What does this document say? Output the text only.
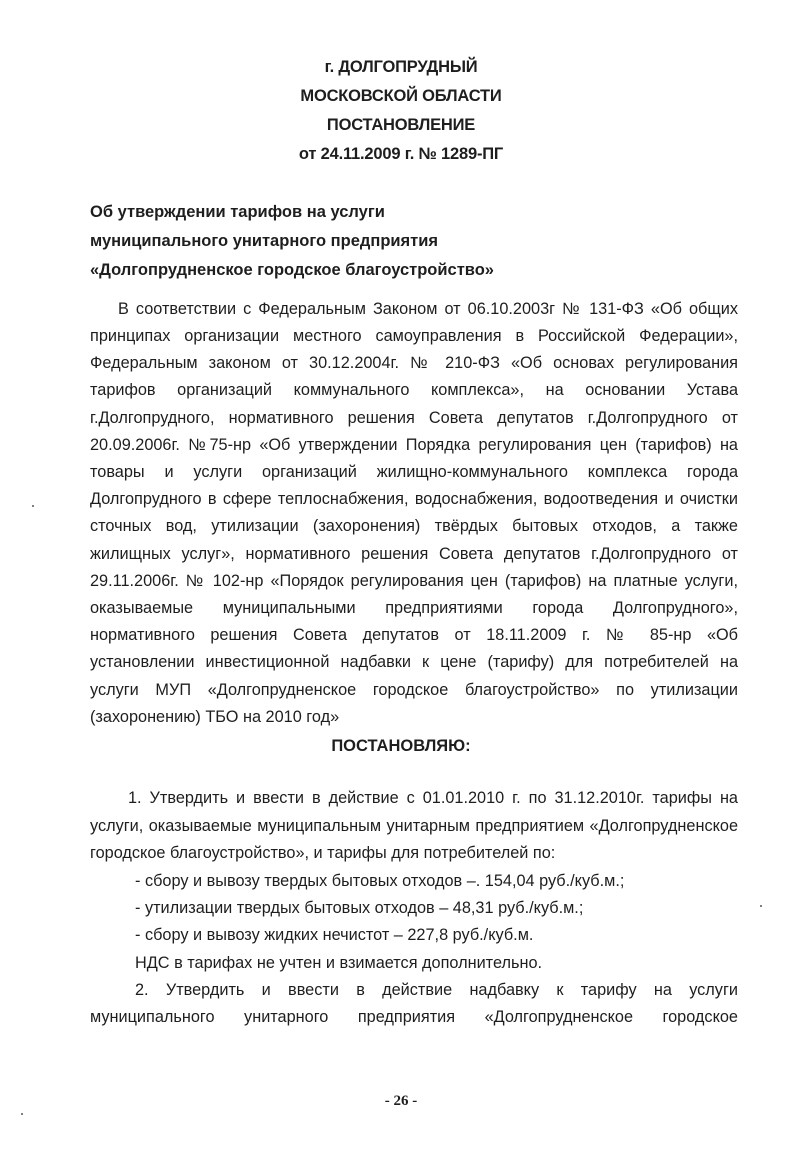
г. ДОЛГОПРУДНЫЙ
МОСКОВСКОЙ ОБЛАСТИ
ПОСТАНОВЛЕНИЕ
от 24.11.2009 г. № 1289-ПГ
Об утверждении тарифов на услуги
муниципального унитарного предприятия
«Долгопрудненское городское благоустройство»
В соответствии с Федеральным Законом от 06.10.2003г № 131-ФЗ «Об общих
принципах организации местного самоуправления в Российской Федерации»,
Федеральным законом от 30.12.2004г. № 210-ФЗ «Об основах регулирования
тарифов организаций коммунального комплекса», на основании Устава
г.Долгопрудного, нормативного решения Совета депутатов г.Долгопрудного от
20.09.2006г. №75-нр «Об утверждении Порядка регулирования цен (тарифов) на
товары и услуги организаций жилищно-коммунального комплекса города
Долгопрудного в сфере теплоснабжения, водоснабжения, водоотведения и очистки
сточных вод, утилизации (захоронения) твёрдых бытовых отходов, а также
жилищных услуг», нормативного решения Совета депутатов г.Долгопрудного от
29.11.2006г. № 102-нр «Порядок регулирования цен (тарифов) на платные услуги,
оказываемые муниципальными предприятиями города Долгопрудного»,
нормативного решения Совета депутатов от 18.11.2009 г. № 85-нр «Об
установлении инвестиционной надбавки к цене (тарифу) для потребителей на
услуги МУП «Долгопрудненское городское благоустройство» по утилизации
(захоронению) ТБО на 2010 год»
ПОСТАНОВЛЯЮ:
1. Утвердить и ввести в действие с 01.01.2010 г. по 31.12.2010г. тарифы на
услуги, оказываемые муниципальным унитарным предприятием «Долгопрудненское
городское благоустройство», и тарифы для потребителей по:
- сбору и вывозу твердых бытовых отходов –. 154,04 руб./куб.м.;
- утилизации твердых бытовых отходов – 48,31 руб./куб.м.;
- сбору и вывозу жидких нечистот – 227,8 руб./куб.м.
НДС в тарифах не учтен и взимается дополнительно.
2. Утвердить и ввести в действие надбавку к тарифу на услуги
муниципального унитарного предприятия «Долгопрудненское городское
- 26 -
